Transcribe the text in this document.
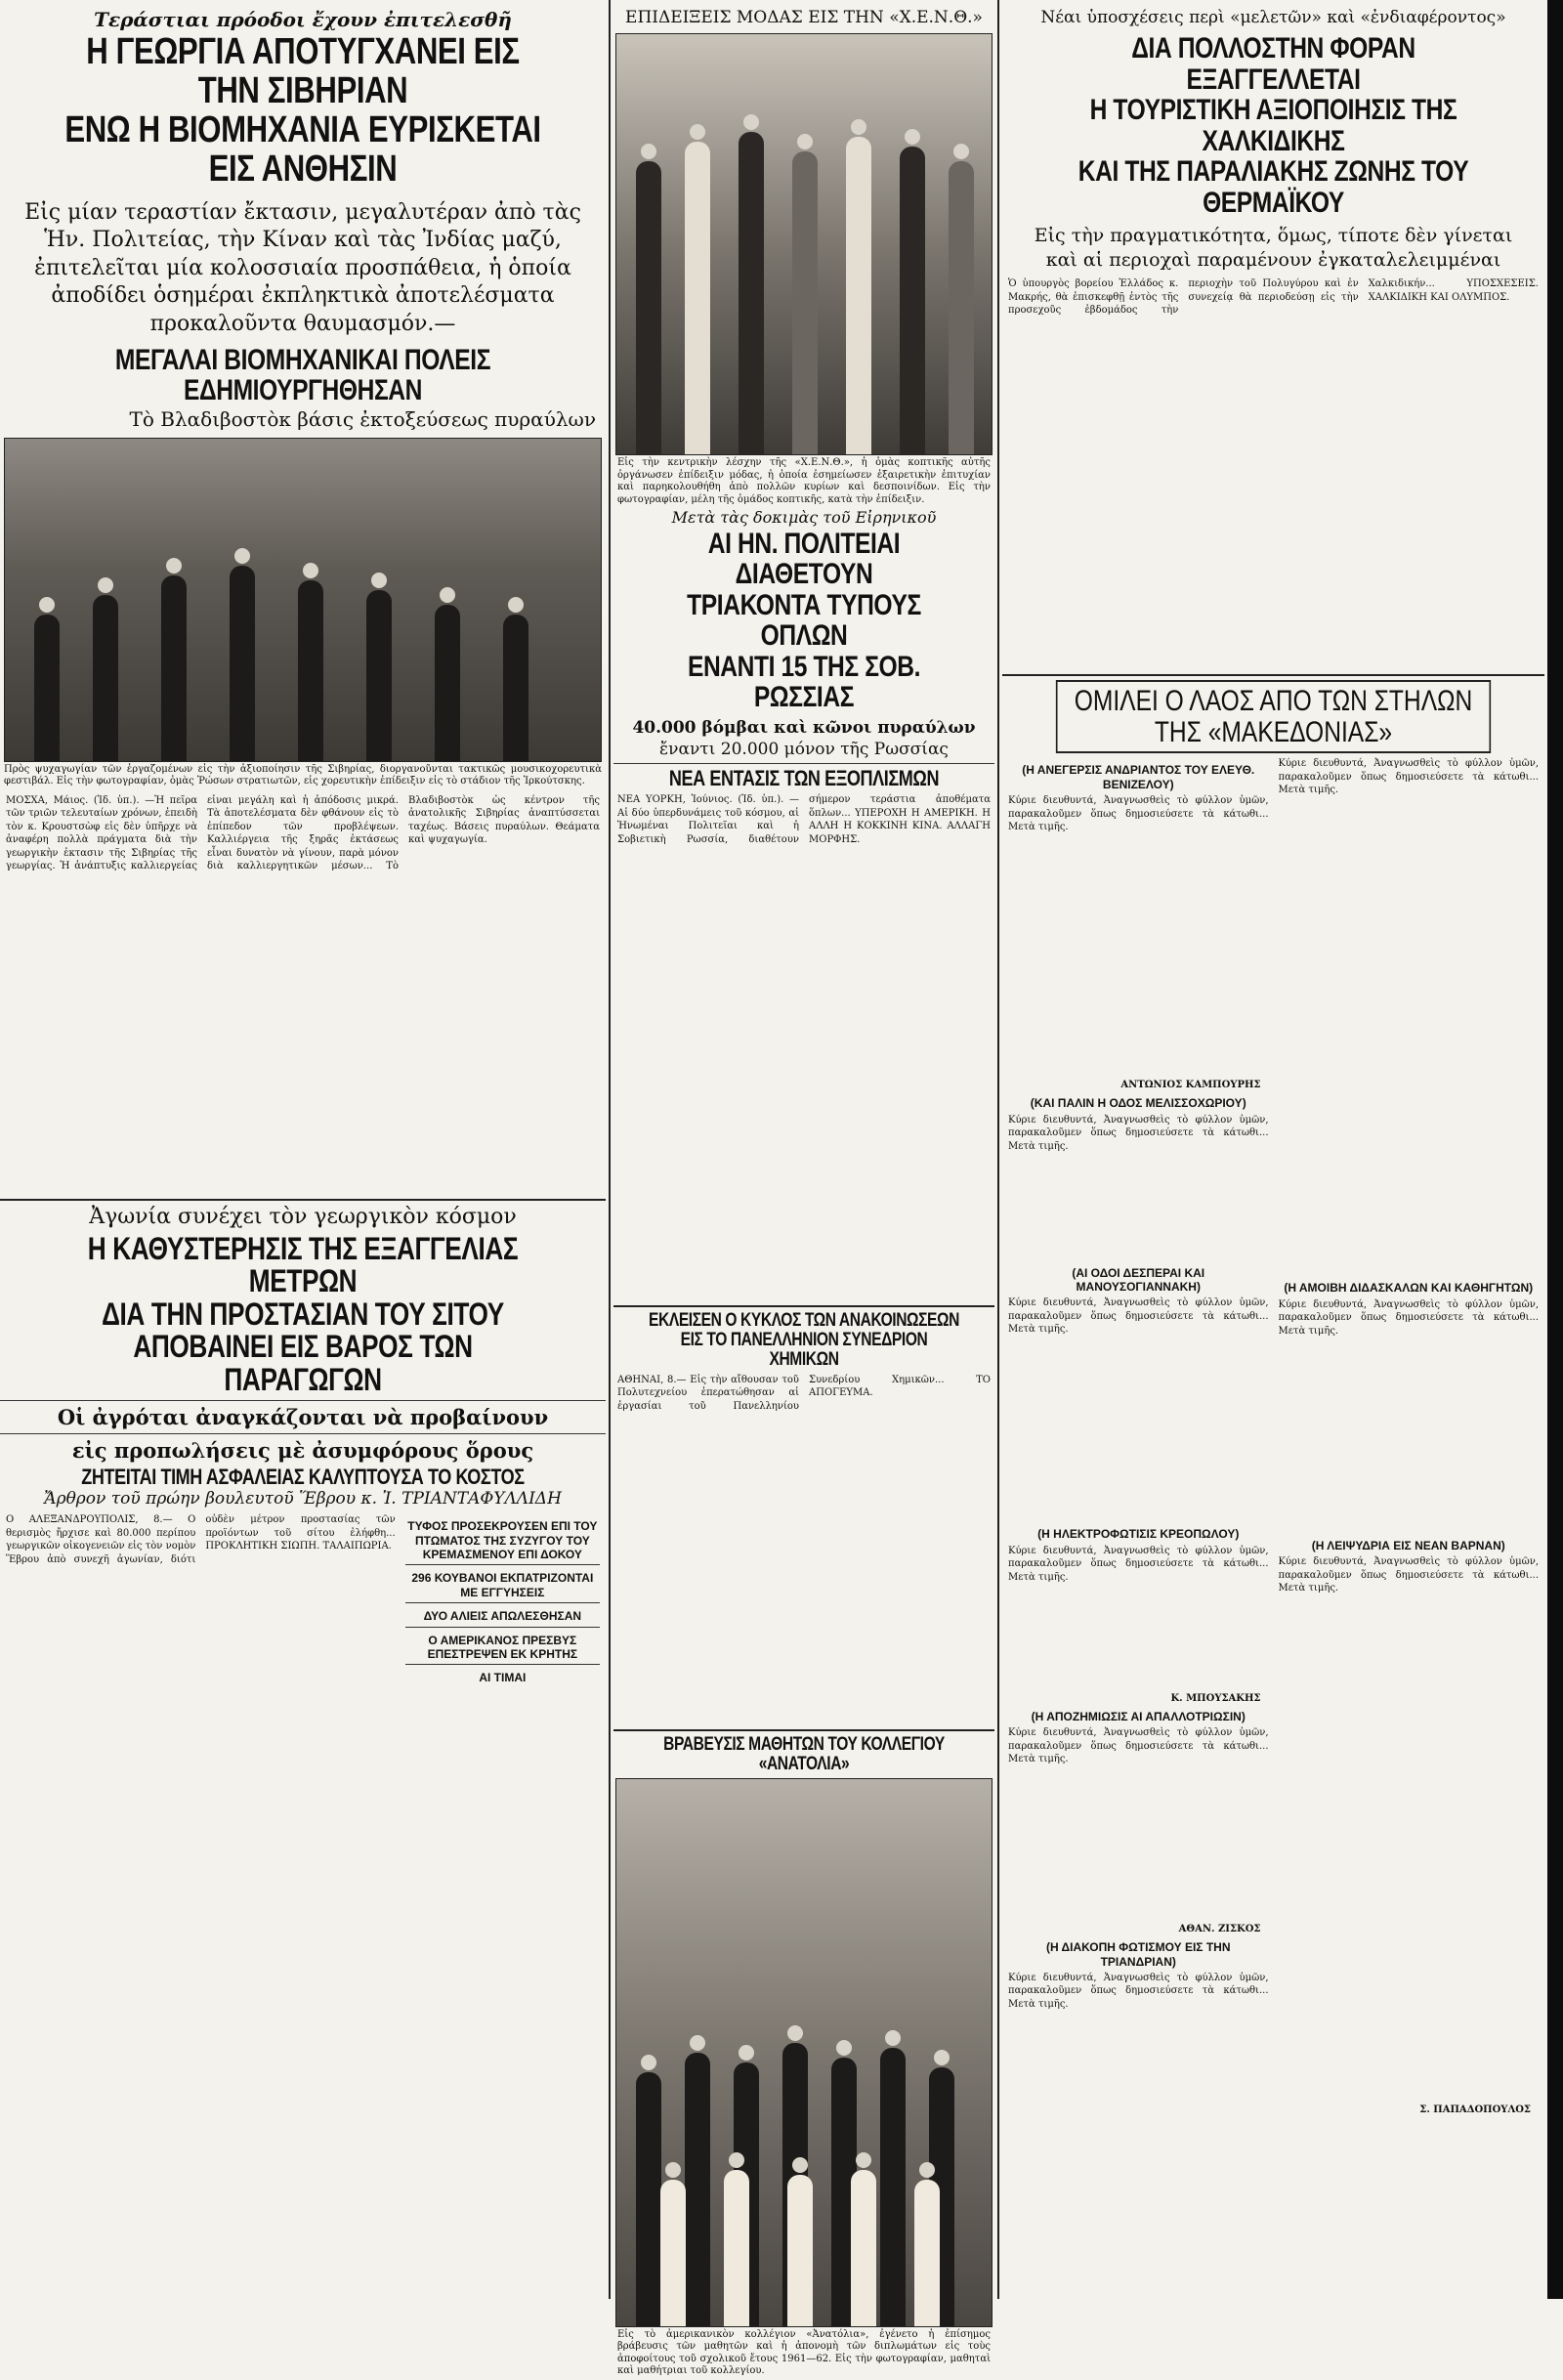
Τεράστιαι πρόοδοι ἔχουν ἐπιτελεσθῆ
Η ΓΕΩΡΓΙΑ ΑΠΟΤΥΓΧΑΝΕΙ ΕΙΣ ΤΗΝ ΣΙΒΗΡΙΑΝ
ΕΝΩ Η ΒΙΟΜΗΧΑΝΙΑ ΕΥΡΙΣΚΕΤΑΙ ΕΙΣ ΑΝΘΗΣΙΝ
Εἰς μίαν τεραστίαν ἔκτασιν, μεγαλυτέραν ἀπὸ τὰς Ἡν. Πολιτείας, τὴν Κίναν καὶ τὰς Ἰνδίας μαζύ, ἐπιτελεῖται μία κολοσσιαία προσπάθεια, ἡ ὁποία ἀποδίδει ὁσημέραι ἐκπληκτικὰ ἀποτελέσματα προκαλοῦντα θαυμασμόν.—
ΜΕΓΑΛΑΙ ΒΙΟΜΗΧΑΝΙΚΑΙ ΠΟΛΕΙΣ ΕΔΗΜΙΟΥΡΓΗΘΗΣΑΝ
Τὸ Βλαδιβοστὸκ βάσις ἐκτοξεύσεως πυραύλων
Πρὸς ψυχαγωγίαν τῶν ἐργαζομένων εἰς τὴν ἀξιοποίησιν τῆς Σιβηρίας, διοργανοῦνται τακτικῶς μουσικοχορευτικὰ φεστιβάλ. Εἰς τὴν φωτογραφίαν, ὁμὰς Ῥώσων στρατιωτῶν, εἰς χορευτικὴν ἐπίδειξιν εἰς τὸ στάδιον τῆς Ἰρκούτσκης.
ΜΟΣΧΑ, Μάιος. (Ἰδ. ὑπ.). —Ἡ πεῖρα τῶν τριῶν τελευταίων χρόνων, ἐπειδὴ τὸν κ. Κρουστσὼφ εἰς δὲν ὑπῆρχε νὰ ἀναφέρη πολλὰ πράγματα διὰ τὴν γεωργικὴν ἐκτασιν τῆς Σιβηρίας τῆς γεωργίας. Ἡ ἀνάπτυξις καλλιεργείας εἶναι μεγάλη καὶ ἡ ἀπόδοσις μικρά. Τὰ ἀποτελέσματα δὲν φθάνουν εἰς τὸ ἐπίπεδον τῶν προβλέψεων. Καλλιέργεια τῆς ξηρᾶς ἐκτάσεως εἶναι δυνατὸν νὰ γίνουν, παρὰ μόνον διὰ καλλιεργητικῶν μέσων... Τὸ Βλαδιβοστὸκ ὡς κέντρον τῆς ἀνατολικῆς Σιβηρίας ἀναπτύσσεται ταχέως. Βάσεις πυραύλων. Θεάματα καὶ ψυχαγωγία.
Ἀγωνία συνέχει τὸν γεωργικὸν κόσμον
Η ΚΑΘΥΣΤΕΡΗΣΙΣ ΤΗΣ ΕΞΑΓΓΕΛΙΑΣ ΜΕΤΡΩΝ
ΔΙΑ ΤΗΝ ΠΡΟΣΤΑΣΙΑΝ ΤΟΥ ΣΙΤΟΥ
ΑΠΟΒΑΙΝΕΙ ΕΙΣ ΒΑΡΟΣ ΤΩΝ ΠΑΡΑΓΩΓΩΝ
Οἱ ἀγρόται ἀναγκάζονται νὰ προβαίνουν
εἰς προπωλήσεις μὲ ἀσυμφόρους ὅρους
ΖΗΤΕΙΤΑΙ ΤΙΜΗ ΑΣΦΑΛΕΙΑΣ ΚΑΛΥΠΤΟΥΣΑ ΤΟ ΚΟΣΤΟΣ
Ἄρθρον τοῦ πρώην βουλευτοῦ Ἕβρου κ. Ἰ. ΤΡΙΑΝΤΑΦΥΛΛΙΔΗ
Ο ΑΛΕΞΑΝΔΡΟΥΠΟΛΙΣ, 8.— Ο θερισμὸς ἤρχισε καὶ 80.000 περίπου γεωργικῶν οἰκογενειῶν εἰς τὸν νομὸν Ἕβρου ἀπὸ συνεχῆ ἀγωνίαν, διότι οὐδὲν μέτρον προστασίας τῶν προϊόντων τοῦ σίτου ἐλήφθη... ΠΡΟΚΛΗΤΙΚΗ ΣΙΩΠΗ. ΤΑΛΑΙΠΩΡΙΑ.
ΤΥΦΟΣ ΠΡΟΣΕΚΡΟΥΣΕΝ ΕΠΙ ΤΟΥ ΠΤΩΜΑΤΟΣ ΤΗΣ ΣΥΖΥΓΟΥ ΤΟΥ ΚΡΕΜΑΣΜΕΝΟΥ ΕΠΙ ΔΟΚΟΥ
296 ΚΟΥΒΑΝΟΙ ΕΚΠΑΤΡΙΖΟΝΤΑΙ ΜΕ ΕΓΓΥΗΣΕΙΣ
ΔΥΟ ΑΛΙΕΙΣ ΑΠΩΛΕΣΘΗΣΑΝ
Ο ΑΜΕΡΙΚΑΝΟΣ ΠΡΕΣΒΥΣ ΕΠΕΣΤΡΕΨΕΝ ΕΚ ΚΡΗΤΗΣ
ΑΙ ΤΙΜΑΙ
ΕΠΙΔΕΙΞΕΙΣ ΜΟΔΑΣ ΕΙΣ ΤΗΝ «Χ.Ε.Ν.Θ.»
Εἰς τὴν κεντρικὴν λέσχην τῆς «Χ.Ε.Ν.Θ.», ἡ ὁμὰς κοπτικῆς αὐτῆς ὀργάνωσεν ἐπίδειξιν μόδας, ἡ ὁποία ἐσημείωσεν ἐξαιρετικὴν ἐπιτυχίαν καὶ παρηκολουθήθη ἀπὸ πολλῶν κυρίων καὶ δεσποινίδων. Εἰς τὴν φωτογραφίαν, μέλη τῆς ὁμάδος κοπτικῆς, κατὰ τὴν ἐπίδειξιν.
Μετὰ τὰς δοκιμὰς τοῦ Εἰρηνικοῦ
ΑΙ ΗΝ. ΠΟΛΙΤΕΙΑΙ ΔΙΑΘΕΤΟΥΝ
ΤΡΙΑΚΟΝΤΑ ΤΥΠΟΥΣ ΟΠΛΩΝ
ΕΝΑΝΤΙ 15 ΤΗΣ ΣΟΒ. ΡΩΣΣΙΑΣ
40.000 βόμβαι καὶ κῶνοι πυραύλων
ἔναντι 20.000 μόνον τῆς Ρωσσίας
ΝΕΑ ΕΝΤΑΣΙΣ ΤΩΝ ΕΞΟΠΛΙΣΜΩΝ
ΝΕΑ ΥΟΡΚΗ, Ἰούνιος. (Ἰδ. ὑπ.). — Αἱ δύο ὑπερδυνάμεις τοῦ κόσμου, αἱ Ἡνωμέναι Πολιτεῖαι καὶ ἡ Σοβιετικὴ Ρωσσία, διαθέτουν σήμερον τεράστια ἀποθέματα ὅπλων... ΥΠΕΡΟΧΗ Η ΑΜΕΡΙΚΗ. Η ΑΛΛΗ Η ΚΟΚΚΙΝΗ ΚΙΝΑ. ΑΛΛΑΓΗ ΜΟΡΦΗΣ.
ΕΚΛΕΙΣΕΝ Ο ΚΥΚΛΟΣ ΤΩΝ ΑΝΑΚΟΙΝΩΣΕΩΝ
ΕΙΣ ΤΟ ΠΑΝΕΛΛΗΝΙΟΝ ΣΥΝΕΔΡΙΟΝ ΧΗΜΙΚΩΝ
ΑΘΗΝΑΙ, 8.— Εἰς τὴν αἴθουσαν τοῦ Πολυτεχνείου ἐπερατώθησαν αἱ ἐργασίαι τοῦ Πανελληνίου Συνεδρίου Χημικῶν... ΤΟ ΑΠΟΓΕΥΜΑ.
ΒΡΑΒΕΥΣΙΣ ΜΑΘΗΤΩΝ ΤΟΥ ΚΟΛΛΕΓΙΟΥ «ΑΝΑΤΟΛΙΑ»
Εἰς τὸ ἀμερικανικὸν κολλέγιον «Ἀνατόλια», ἐγένετο ἡ ἐπίσημος βράβευσις τῶν μαθητῶν καὶ ἡ ἀπονομὴ τῶν διπλωμάτων εἰς τοὺς ἀποφοίτους τοῦ σχολικοῦ ἔτους 1961—62. Εἰς τὴν φωτογραφίαν, μαθηταὶ καὶ μαθήτριαι τοῦ κολλεγίου.
Νέαι ὑποσχέσεις περὶ «μελετῶν» καὶ «ἐνδιαφέροντος»
ΔΙΑ ΠΟΛΛΟΣΤΗΝ ΦΟΡΑΝ ΕΞΑΓΓΕΛΛΕΤΑΙ
Η ΤΟΥΡΙΣΤΙΚΗ ΑΞΙΟΠΟΙΗΣΙΣ ΤΗΣ ΧΑΛΚΙΔΙΚΗΣ
ΚΑΙ ΤΗΣ ΠΑΡΑΛΙΑΚΗΣ ΖΩΝΗΣ ΤΟΥ ΘΕΡΜΑΪΚΟΥ
Εἰς τὴν πραγματικότητα, ὅμως, τίποτε δὲν γίνεται
καὶ αἱ περιοχαὶ παραμένουν ἐγκαταλελειμμέναι
Ὁ ὑπουργὸς βορείου Ἑλλάδος κ. Μακρής, θὰ ἐπισκεφθῇ ἐντὸς τῆς προσεχοῦς ἑβδομάδος τὴν περιοχὴν τοῦ Πολυγύρου καὶ ἐν συνεχείᾳ θὰ περιοδεύσῃ εἰς τὴν Χαλκιδικήν... ΥΠΟΣΧΕΣΕΙΣ. ΧΑΛΚΙΔΙΚΗ ΚΑΙ ΟΛΥΜΠΟΣ.
ΟΜΙΛΕΙ Ο ΛΑΟΣ ΑΠΟ ΤΩΝ ΣΤΗΛΩΝ ΤΗΣ «ΜΑΚΕΔΟΝΙΑΣ»
(Η ΑΝΕΓΕΡΣΙΣ ΑΝΔΡΙΑΝΤΟΣ ΤΟΥ ΕΛΕΥΘ. ΒΕΝΙΖΕΛΟΥ)
Κύριε διευθυντά, Ἀναγνωσθεὶς τὸ φύλλον ὑμῶν, παρακαλοῦμεν ὅπως δημοσιεύσετε τὰ κάτωθι... Μετὰ τιμῆς.
ΑΝΤΩΝΙΟΣ ΚΑΜΠΟΥΡΗΣ
(ΚΑΙ ΠΑΛΙΝ Η ΟΔΟΣ ΜΕΛΙΣΣΟΧΩΡΙΟΥ)
Κύριε διευθυντά, Ἀναγνωσθεὶς τὸ φύλλον ὑμῶν, παρακαλοῦμεν ὅπως δημοσιεύσετε τὰ κάτωθι... Μετὰ τιμῆς.
(ΑΙ ΟΔΟΙ ΔΕΣΠΕΡΑΙ ΚΑΙ ΜΑΝΟΥΣΟΓΙΑΝΝΑΚΗ)
Κύριε διευθυντά, Ἀναγνωσθεὶς τὸ φύλλον ὑμῶν, παρακαλοῦμεν ὅπως δημοσιεύσετε τὰ κάτωθι... Μετὰ τιμῆς.
(Η ΗΛΕΚΤΡΟΦΩΤΙΣΙΣ ΚΡΕΟΠΩΛΟΥ)
Κύριε διευθυντά, Ἀναγνωσθεὶς τὸ φύλλον ὑμῶν, παρακαλοῦμεν ὅπως δημοσιεύσετε τὰ κάτωθι... Μετὰ τιμῆς.
Κ. ΜΠΟΥΣΑΚΗΣ
(Η ΑΠΟΖΗΜΙΩΣΙΣ ΑΙ ΑΠΑΛΛΟΤΡΙΩΣΙΝ)
Κύριε διευθυντά, Ἀναγνωσθεὶς τὸ φύλλον ὑμῶν, παρακαλοῦμεν ὅπως δημοσιεύσετε τὰ κάτωθι... Μετὰ τιμῆς.
ΑΘΑΝ. ΖΙΣΚΟΣ
(Η ΔΙΑΚΟΠΗ ΦΩΤΙΣΜΟΥ ΕΙΣ ΤΗΝ ΤΡΙΑΝΔΡΙΑΝ)
Κύριε διευθυντά, Ἀναγνωσθεὶς τὸ φύλλον ὑμῶν, παρακαλοῦμεν ὅπως δημοσιεύσετε τὰ κάτωθι... Μετὰ τιμῆς.
Κύριε διευθυντά, Ἀναγνωσθεὶς τὸ φύλλον ὑμῶν, παρακαλοῦμεν ὅπως δημοσιεύσετε τὰ κάτωθι... Μετὰ τιμῆς.
(Η ΑΜΟΙΒΗ ΔΙΔΑΣΚΑΛΩΝ ΚΑΙ ΚΑΘΗΓΗΤΩΝ)
Κύριε διευθυντά, Ἀναγνωσθεὶς τὸ φύλλον ὑμῶν, παρακαλοῦμεν ὅπως δημοσιεύσετε τὰ κάτωθι... Μετὰ τιμῆς.
(Η ΛΕΙΨΥΔΡΙΑ ΕΙΣ ΝΕΑΝ ΒΑΡΝΑΝ)
Κύριε διευθυντά, Ἀναγνωσθεὶς τὸ φύλλον ὑμῶν, παρακαλοῦμεν ὅπως δημοσιεύσετε τὰ κάτωθι... Μετὰ τιμῆς.
Σ. ΠΑΠΑΔΟΠΟΥΛΟΣ
